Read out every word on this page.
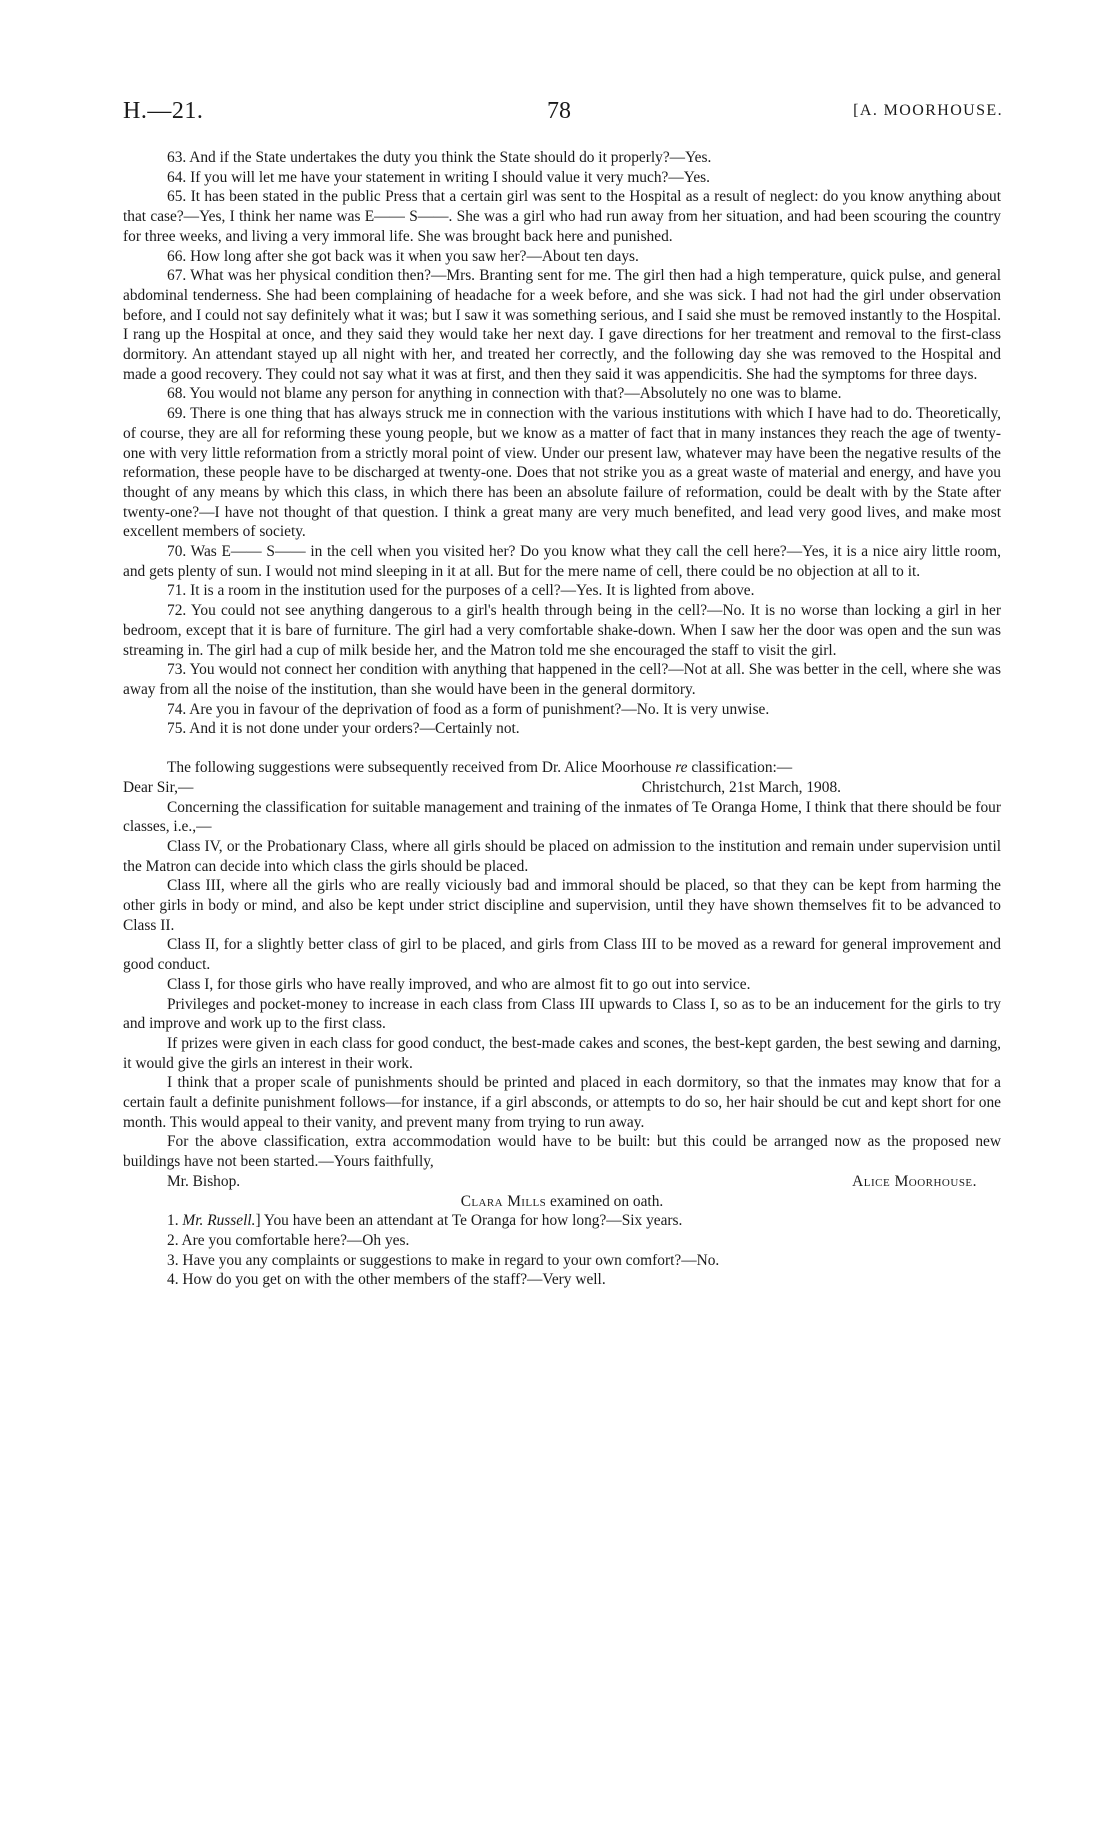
H.—21.	78	[A. MOORHOUSE.

63. And if the State undertakes the duty you think the State should do it properly?—Yes.

64. If you will let me have your statement in writing I should value it very much?—Yes.

65. It has been stated in the public Press that a certain girl was sent to the Hospital as a result of neglect: do you know anything about that case?—Yes, I think her name was E—— S——. She was a girl who had run away from her situation, and had been scouring the country for three weeks, and living a very immoral life. She was brought back here and punished.

66. How long after she got back was it when you saw her?—About ten days.

67. What was her physical condition then?—Mrs. Branting sent for me. The girl then had a high temperature, quick pulse, and general abdominal tenderness. She had been complaining of headache for a week before, and she was sick. I had not had the girl under observation before, and I could not say definitely what it was; but I saw it was something serious, and I said she must be removed instantly to the Hospital. I rang up the Hospital at once, and they said they would take her next day. I gave directions for her treatment and removal to the first-class dormitory. An attendant stayed up all night with her, and treated her correctly, and the following day she was removed to the Hospital and made a good recovery. They could not say what it was at first, and then they said it was appendicitis. She had the symptoms for three days.

68. You would not blame any person for anything in connection with that?—Absolutely no one was to blame.

69. There is one thing that has always struck me in connection with the various institutions with which I have had to do. Theoretically, of course, they are all for reforming these young people, but we know as a matter of fact that in many instances they reach the age of twenty-one with very little reformation from a strictly moral point of view. Under our present law, whatever may have been the negative results of the reformation, these people have to be discharged at twenty-one. Does that not strike you as a great waste of material and energy, and have you thought of any means by which this class, in which there has been an absolute failure of reformation, could be dealt with by the State after twenty-one?—I have not thought of that question. I think a great many are very much benefited, and lead very good lives, and make most excellent members of society.

70. Was E—— S—— in the cell when you visited her? Do you know what they call the cell here?—Yes, it is a nice airy little room, and gets plenty of sun. I would not mind sleeping in it at all. But for the mere name of cell, there could be no objection at all to it.

71. It is a room in the institution used for the purposes of a cell?—Yes. It is lighted from above.

72. You could not see anything dangerous to a girl's health through being in the cell?—No. It is no worse than locking a girl in her bedroom, except that it is bare of furniture. The girl had a very comfortable shake-down. When I saw her the door was open and the sun was streaming in. The girl had a cup of milk beside her, and the Matron told me she encouraged the staff to visit the girl.

73. You would not connect her condition with anything that happened in the cell?—Not at all. She was better in the cell, where she was away from all the noise of the institution, than she would have been in the general dormitory.

74. Are you in favour of the deprivation of food as a form of punishment?—No. It is very unwise.

75. And it is not done under your orders?—Certainly not.

The following suggestions were subsequently received from Dr. Alice Moorhouse re classification:—

Dear Sir,—	Christchurch, 21st March, 1908.

Concerning the classification for suitable management and training of the inmates of Te Oranga Home, I think that there should be four classes, i.e.,—

Class IV, or the Probationary Class, where all girls should be placed on admission to the institution and remain under supervision until the Matron can decide into which class the girls should be placed.

Class III, where all the girls who are really viciously bad and immoral should be placed, so that they can be kept from harming the other girls in body or mind, and also be kept under strict discipline and supervision, until they have shown themselves fit to be advanced to Class II.

Class II, for a slightly better class of girl to be placed, and girls from Class III to be moved as a reward for general improvement and good conduct.

Class I, for those girls who have really improved, and who are almost fit to go out into service.

Privileges and pocket-money to increase in each class from Class III upwards to Class I, so as to be an inducement for the girls to try and improve and work up to the first class.

If prizes were given in each class for good conduct, the best-made cakes and scones, the best-kept garden, the best sewing and darning, it would give the girls an interest in their work.

I think that a proper scale of punishments should be printed and placed in each dormitory, so that the inmates may know that for a certain fault a definite punishment follows—for instance, if a girl absconds, or attempts to do so, her hair should be cut and kept short for one month. This would appeal to their vanity, and prevent many from trying to run away.

For the above classification, extra accommodation would have to be built: but this could be arranged now as the proposed new buildings have not been started.—Yours faithfully,

Mr. Bishop.	Alice Moorhouse.

Clara Mills examined on oath.

1. Mr. Russell.] You have been an attendant at Te Oranga for how long?—Six years.

2. Are you comfortable here?—Oh yes.

3. Have you any complaints or suggestions to make in regard to your own comfort?—No.

4. How do you get on with the other members of the staff?—Very well.
